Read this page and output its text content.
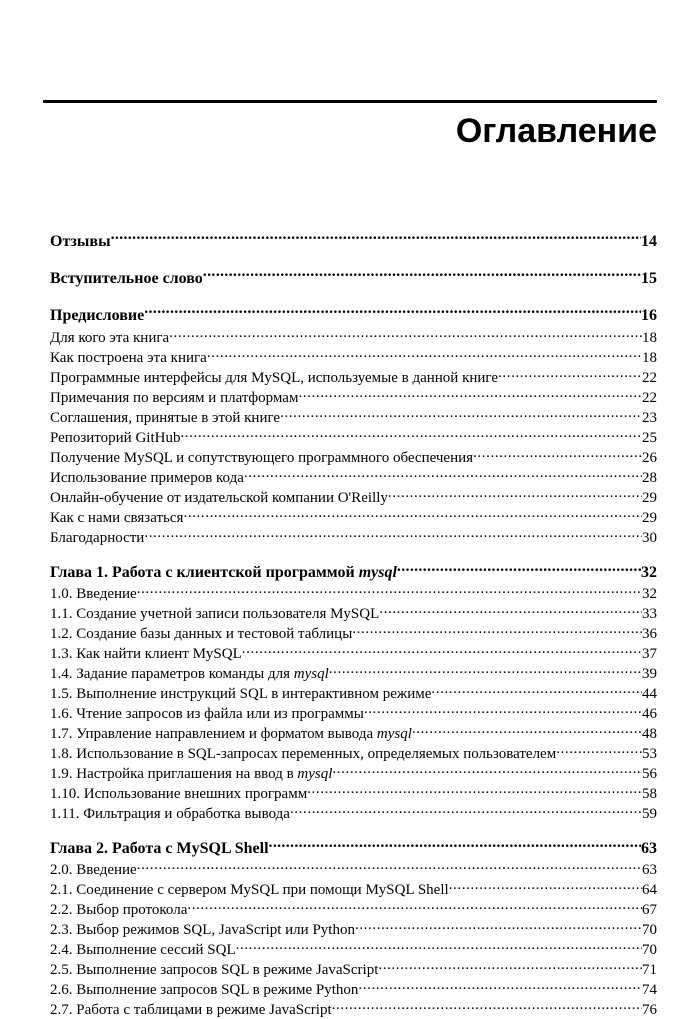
Оглавление
Отзывы .....	14
Вступительное слово .....	15
Предисловие .....	16
Для кого эта книга .....	18
Как построена эта книга .....	18
Программные интерфейсы для MySQL, используемые в данной книге .....	22
Примечания по версиям и платформам .....	22
Соглашения, принятые в этой книге .....	23
Репозиторий GitHub .....	25
Получение MySQL и сопутствующего программного обеспечения .....	26
Использование примеров кода .....	28
Онлайн-обучение от издательской компании O'Reilly .....	29
Как с нами связаться .....	29
Благодарности .....	30
Глава 1. Работа с клиентской программой mysql .....	32
1.0. Введение .....	32
1.1. Создание учетной записи пользователя MySQL .....	33
1.2. Создание базы данных и тестовой таблицы .....	36
1.3. Как найти клиент MySQL .....	37
1.4. Задание параметров команды для mysql .....	39
1.5. Выполнение инструкций SQL в интерактивном режиме .....	44
1.6. Чтение запросов из файла или из программы .....	46
1.7. Управление направлением и форматом вывода mysql .....	48
1.8. Использование в SQL-запросах переменных, определяемых пользователем .....	53
1.9. Настройка приглашения на ввод в mysql .....	56
1.10. Использование внешних программ .....	58
1.11. Фильтрация и обработка вывода .....	59
Глава 2. Работа с MySQL Shell .....	63
2.0. Введение .....	63
2.1. Соединение с сервером MySQL при помощи MySQL Shell .....	64
2.2. Выбор протокола .....	67
2.3. Выбор режимов SQL, JavaScript или Python .....	70
2.4. Выполнение сессий SQL .....	70
2.5. Выполнение запросов SQL в режиме JavaScript .....	71
2.6. Выполнение запросов SQL в режиме Python .....	74
2.7. Работа с таблицами в режиме JavaScript .....	76
